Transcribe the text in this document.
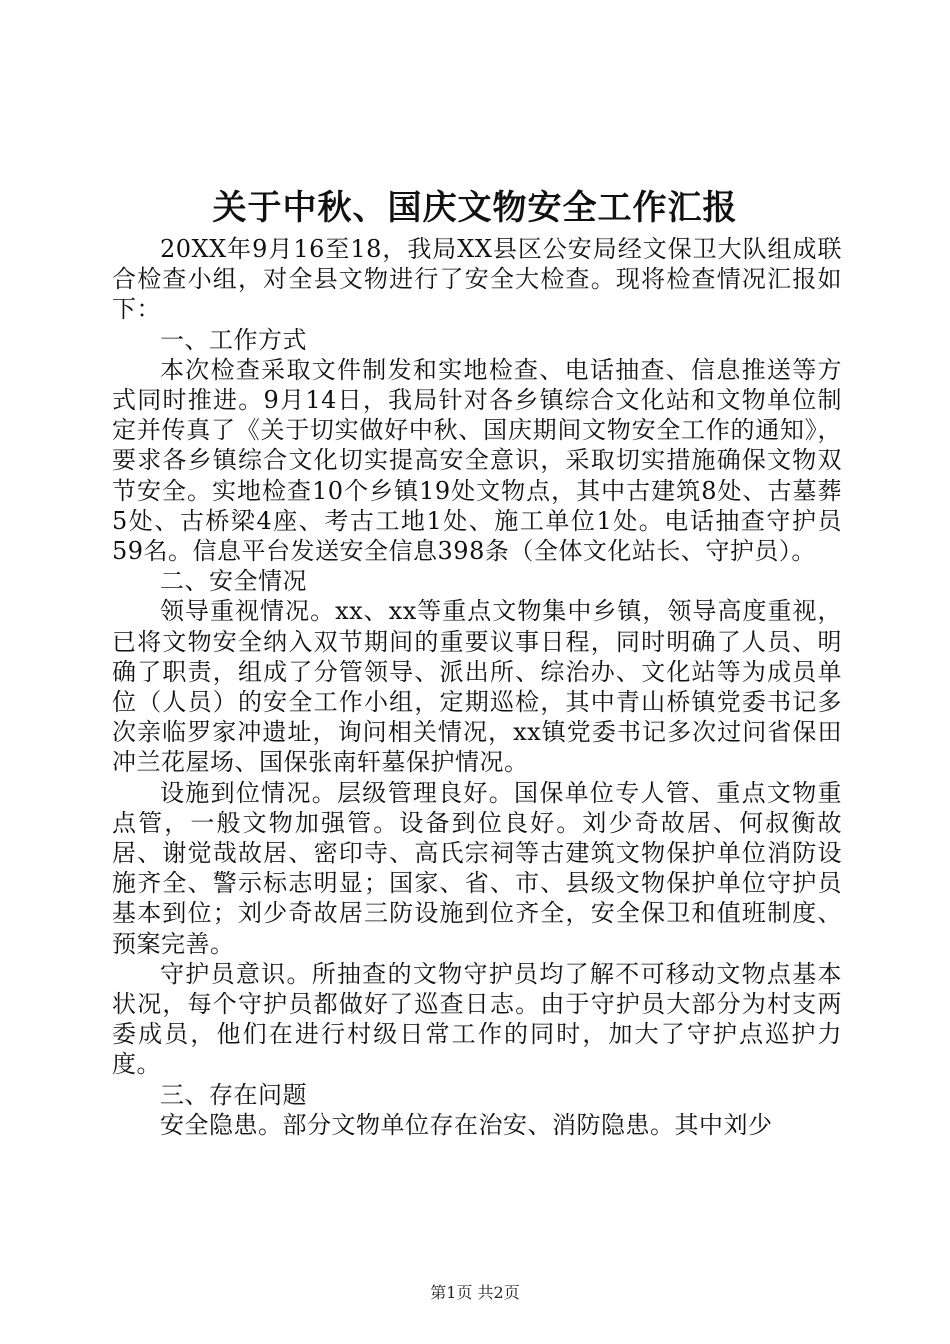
关于中秋、国庆文物安全工作汇报

20XX年9月16至18，我局XX县区公安局经文保卫大队组成联合检查小组，对全县文物进行了安全大检查。现将检查情况汇报如下：

一、工作方式

本次检查采取文件制发和实地检查、电话抽查、信息推送等方式同时推进。9月14日，我局针对各乡镇综合文化站和文物单位制定并传真了《关于切实做好中秋、国庆期间文物安全工作的通知》，要求各乡镇综合文化切实提高安全意识，采取切实措施确保文物双节安全。实地检查10个乡镇19处文物点，其中古建筑8处、古墓葬5处、古桥梁4座、考古工地1处、施工单位1处。电话抽查守护员59名。信息平台发送安全信息398条（全体文化站长、守护员）。

二、安全情况

领导重视情况。xx、xx等重点文物集中乡镇，领导高度重视，已将文物安全纳入双节期间的重要议事日程，同时明确了人员、明确了职责，组成了分管领导、派出所、综治办、文化站等为成员单位（人员）的安全工作小组，定期巡检，其中青山桥镇党委书记多次亲临罗家冲遗址，询问相关情况，xx镇党委书记多次过问省保田冲兰花屋场、国保张南轩墓保护情况。

设施到位情况。层级管理良好。国保单位专人管、重点文物重点管，一般文物加强管。设备到位良好。刘少奇故居、何叔衡故居、谢觉哉故居、密印寺、高氏宗祠等古建筑文物保护单位消防设施齐全、警示标志明显；国家、省、市、县级文物保护单位守护员基本到位；刘少奇故居三防设施到位齐全，安全保卫和值班制度、预案完善。

守护员意识。所抽查的文物守护员均了解不可移动文物点基本状况，每个守护员都做好了巡查日志。由于守护员大部分为村支两委成员，他们在进行村级日常工作的同时，加大了守护点巡护力度。

三、存在问题

安全隐患。部分文物单位存在治安、消防隐患。其中刘少

第1页 共2页
